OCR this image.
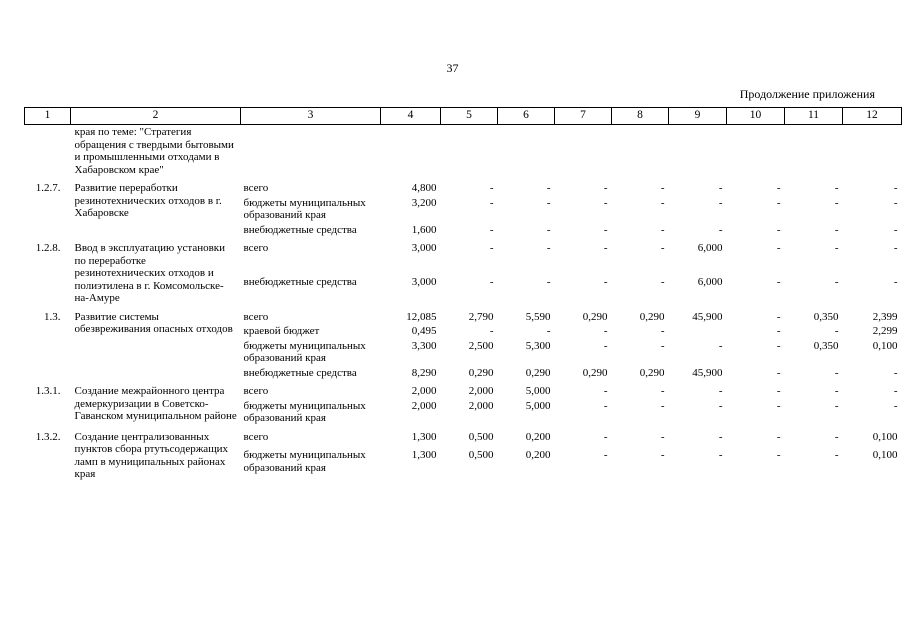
37
Продолжение приложения
1	2	3	4	5	6	7	8	9	10	11	12
	края по теме: "Стратегия обращения с твердыми бытовыми и промышленными отходами в Хабаровском крае"										
1.2.7.	Развитие переработки резинотехнических отходов в г. Хабаровске	всего	4,800	-	-	-	-	-	-	-	-
		бюджеты муниципальных образований края	3,200	-	-	-	-	-	-	-	-
		внебюджетные средства	1,600	-	-	-	-	-	-	-	-
1.2.8.	Ввод в эксплуатацию установки по переработке резинотехнических отходов и полиэтилена в г. Комсомольске-на-Амуре	всего	3,000	-	-	-	-	6,000	-	-	-
		внебюджетные средства	3,000	-	-	-	-	6,000	-	-	-
1.3.	Развитие системы обезвреживания опасных отходов	всего	12,085	2,790	5,590	0,290	0,290	45,900	-	0,350	2,399
		краевой бюджет	0,495	-	-	-	-		-	-	2,299
		бюджеты муниципальных образований края	3,300	2,500	5,300	-	-	-	-	0,350	0,100
		внебюджетные средства	8,290	0,290	0,290	0,290	0,290	45,900	-	-	-
1.3.1.	Создание межрайонного центра демеркуризации в Советско-Гаванском муниципальном районе	всего	2,000	2,000	5,000	-	-	-	-	-	-
		бюджеты муниципальных образований края	2,000	2,000	5,000	-	-	-	-	-	-
1.3.2.	Создание централизованных пунктов сбора ртутьсодержащих ламп в муниципальных районах края	всего	1,300	0,500	0,200	-	-	-	-	-	0,100
		бюджеты муниципальных образований края	1,300	0,500	0,200	-	-	-	-	-	0,100
